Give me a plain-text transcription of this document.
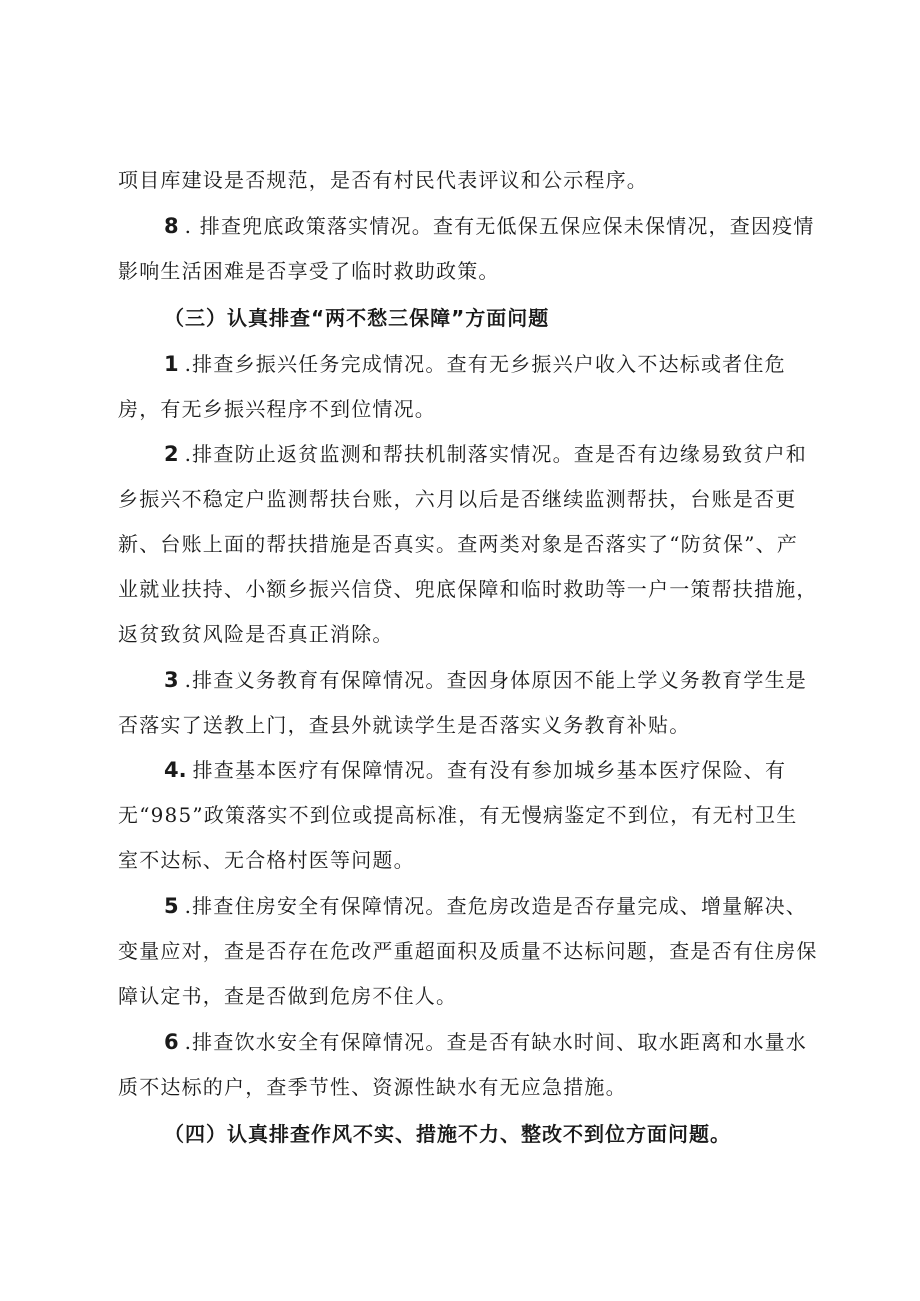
项目库建设是否规范，是否有村民代表评议和公示程序。

8 . 排查兜底政策落实情况。查有无低保五保应保未保情况，查因疫情影响生活困难是否享受了临时救助政策。

（三）认真排查“两不愁三保障”方面问题

1 .排查乡振兴任务完成情况。查有无乡振兴户收入不达标或者住危房，有无乡振兴程序不到位情况。

2 .排查防止返贫监测和帮扶机制落实情况。查是否有边缘易致贫户和乡振兴不稳定户监测帮扶台账，六月以后是否继续监测帮扶，台账是否更新、台账上面的帮扶措施是否真实。查两类对象是否落实了“防贫保”、产业就业扶持、小额乡振兴信贷、兜底保障和临时救助等一户一策帮扶措施，返贫致贫风险是否真正消除。

3 .排查义务教育有保障情况。查因身体原因不能上学义务教育学生是否落实了送教上门，查县外就读学生是否落实义务教育补贴。

4. 排查基本医疗有保障情况。查有没有参加城乡基本医疗保险、有无“985”政策落实不到位或提高标准，有无慢病鉴定不到位，有无村卫生室不达标、无合格村医等问题。

5 .排查住房安全有保障情况。查危房改造是否存量完成、增量解决、变量应对，查是否存在危改严重超面积及质量不达标问题，查是否有住房保障认定书，查是否做到危房不住人。

6 .排查饮水安全有保障情况。查是否有缺水时间、取水距离和水量水质不达标的户，查季节性、资源性缺水有无应急措施。

（四）认真排查作风不实、措施不力、整改不到位方面问题。
